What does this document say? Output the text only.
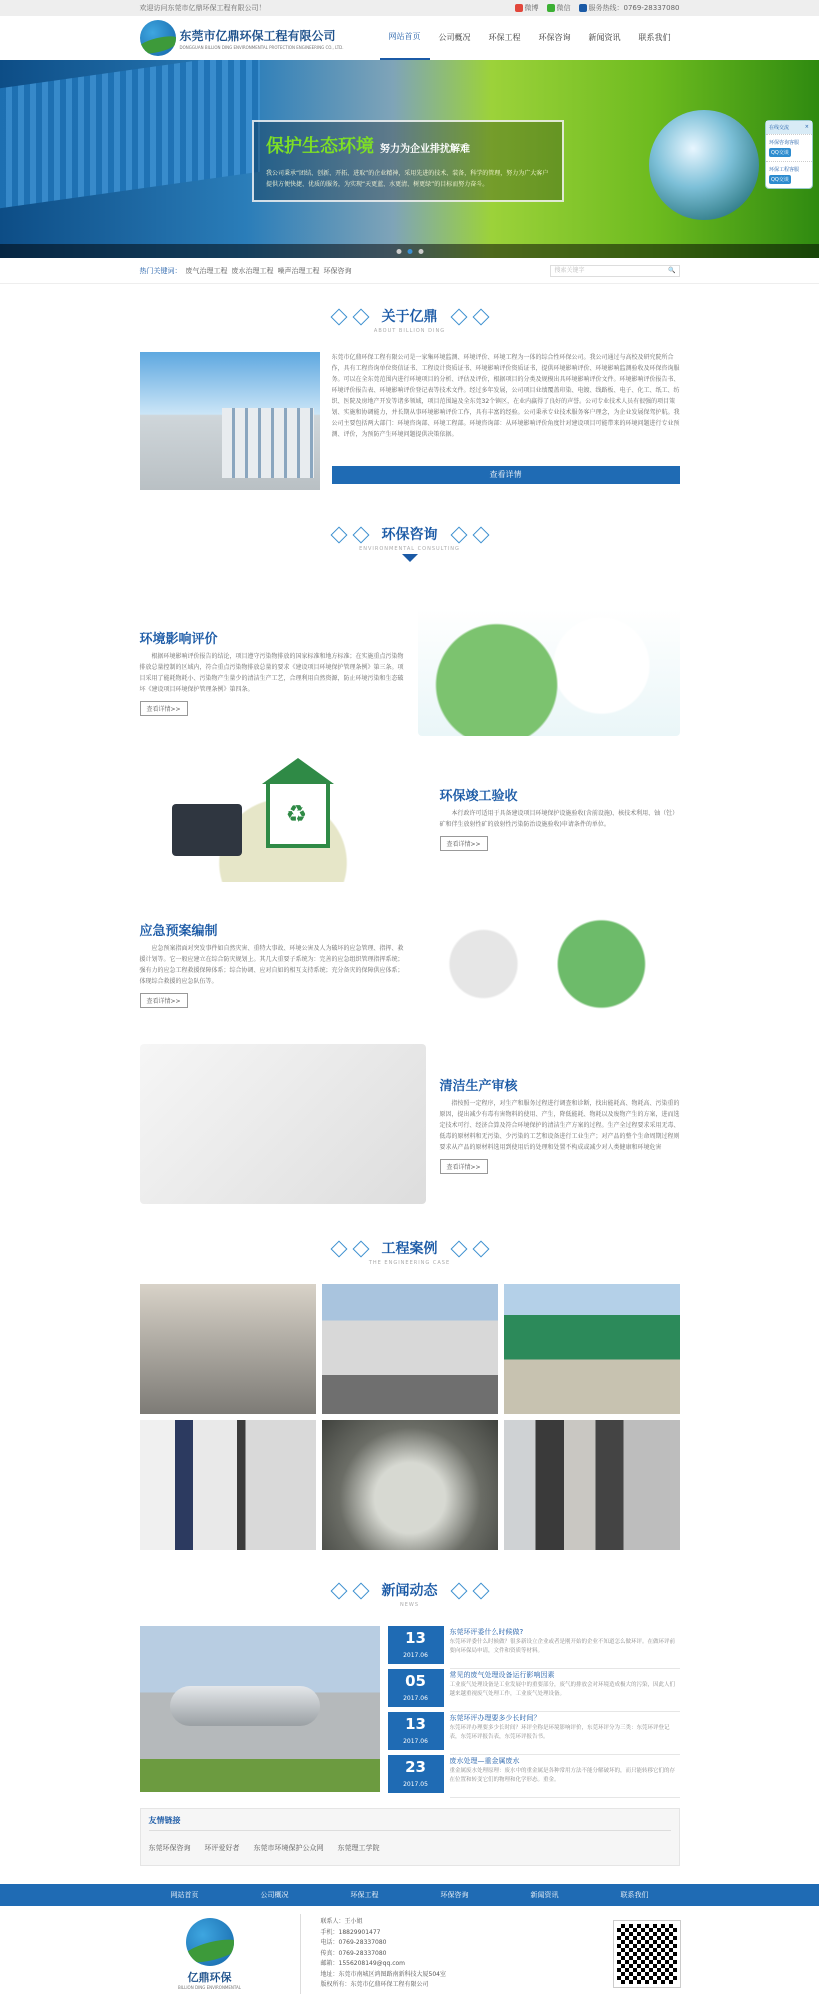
欢迎访问东莞市亿鼎环保工程有限公司！	微博	微信	服务热线：0769-28337080
东莞市亿鼎环保工程有限公司
DONGGUAN BILLION DING ENVIRONMENTAL PROTECTION ENGINEERING CO., LTD.
网站首页	公司概况	环保工程	环保咨询	新闻资讯	联系我们
保护生态环境 努力为企业排扰解难
我公司秉承“团结、创新、开拓、进取”的企业精神，采用先进的技术、装备，科学的管理，努力为广大客户提供方便快捷、优质的服务，为实现“天更蓝、水更清、树更绿”的目标而努力奋斗。
在线交流	×
环保咨询客服
QQ交谈
环保工程客服
QQ交谈
热门关键词： 废气治理工程 废水治理工程 噪声治理工程 环保咨询	搜索关键字	🔍
关于亿鼎
ABOUT BILLION DING
东莞市亿鼎环保工程有限公司是一家集环境监测、环境评价、环境工程为一体的综合性环保公司。我公司通过与高校及研究院所合作，具有工程咨询单位资信证书、工程设计资质证书、环境影响评价资质证书，提供环境影响评价、环境影响监测验收及环保咨询服务。可以在全东莞范围内进行环境项目的分析、评估及评价，根据项目的分类及规模出具环境影响评价文件。环境影响评价报告书、环境评价报告表、环境影响评价登记表等技术文件。经过多年发展，公司项目业绩覆盖印染、电镀、线路板、电子、化工、纸工、纺织、医院及房地产开发等诸多领域，项目范围遍及全东莞32个镇区，在业内赢得了良好的声誉。公司专业技术人员有很强的项目策划、实施和协调能力，并长期从事环境影响评价工作，具有丰富的经验。公司秉承专业技术服务客户理念，为企业发展保驾护航。我公司主要包括两大部门：环境咨询部、环境工程部。环境咨询部：从环境影响评价角度针对建设项目可能带来的环境问题进行专业预测、评价，为预防产生环境问题提供决策依据。
查看详情
环保咨询
ENVIRONMENTAL CONSULTING
环境影响评价

根据环境影响评价报告的结论，项目遵守污染物排放的国家标准和地方标准；在实施重点污染物排放总量控制的区域内，符合重点污染物排放总量的要求《建设项目环境保护管理条例》第三条。项目采用了能耗物耗小、污染物产生量少的清洁生产工艺，合理利用自然资源，防止环境污染和生态破坏《建设项目环境保护管理条例》第四条。

查看详情>>
♻
环保竣工验收

本行政许可适用于具备建设项目环境保护设施验收(含前设施)、核技术利用、铀（钍）矿和伴生放射性矿的放射性污染防治设施验收)申请条件的单位。

查看详情>>
应急预案编制

应急预案指面对突发事件如自然灾害、重特大事故、环境公害及人为破坏的应急管理、指挥、救援计划等。它一般应建立在综合防灾规划上。其几大重要子系统为：完善的应急组织管理指挥系统；强有力的应急工程救援保障体系；综合协调、应对自如的相互支持系统；充分备灾的保障供应体系；体现综合救援的应急队伍等。

查看详情>>
清洁生产审核

指按照一定程序，对生产和服务过程进行调查和诊断，找出能耗高、物耗高、污染重的原因，提出减少有毒有害物料的使用、产生，降低能耗、物耗以及废物产生的方案，进而选定技术可行、经济合算及符合环境保护的清洁生产方案的过程。生产全过程要求采用无毒、低毒的原材料和无污染、少污染的工艺和设备进行工业生产；对产品的整个生命周期过程则要求从产品的原材料选用到使用后的处理和处置不构成或减少对人类健康和环境危害

查看详情>>
工程案例
THE ENGINEERING CASE
新闻动态
NEWS
13
2017.06
东莞环评委什么时候做?
东莞环评委什么时候做？很多新设立企业或者是刚开始的企业不知道怎么做环评。在做环评前要向环保局申请，文件和资质等材料。
05
2017.06
常见的废气处理设备运行影响因素
工业废气处理设备是工业发展中的重要部分，废气的排放会对环境造成极大的污染，因此人们越来越重视废气处理工作，工业废气处理设备。
13
2017.06
东莞环评办理要多少长时间？
东莞环评办理要多少长时间？环评全称是环境影响评价，东莞环评分为三类：东莞环评登记表，东莞环评报告表，东莞环评报告书。
23
2017.05
废水处理—重金属废水
重金属废水处理原理：废水中的重金属是各种常用方法不能分解破坏的，而只能转移它们的存在位置和转变它们的物理和化学形态。重金。
友情链接
东莞环保咨询 环评爱好者 东莞市环境保护公众网 东莞理工学院
网站首页	公司概况	环保工程	环保咨询	新闻资讯	联系我们
亿鼎环保
BILLION DING ENVIRONMENTAL
联系人：王小姐
手机：18829901477
电话：0769-28337080
传真：0769-28337080
邮箱：1556208149@qq.com
地址：东莞市南城区鸿图路南新科技大厦504室
版权所有：东莞市亿鼎环保工程有限公司
